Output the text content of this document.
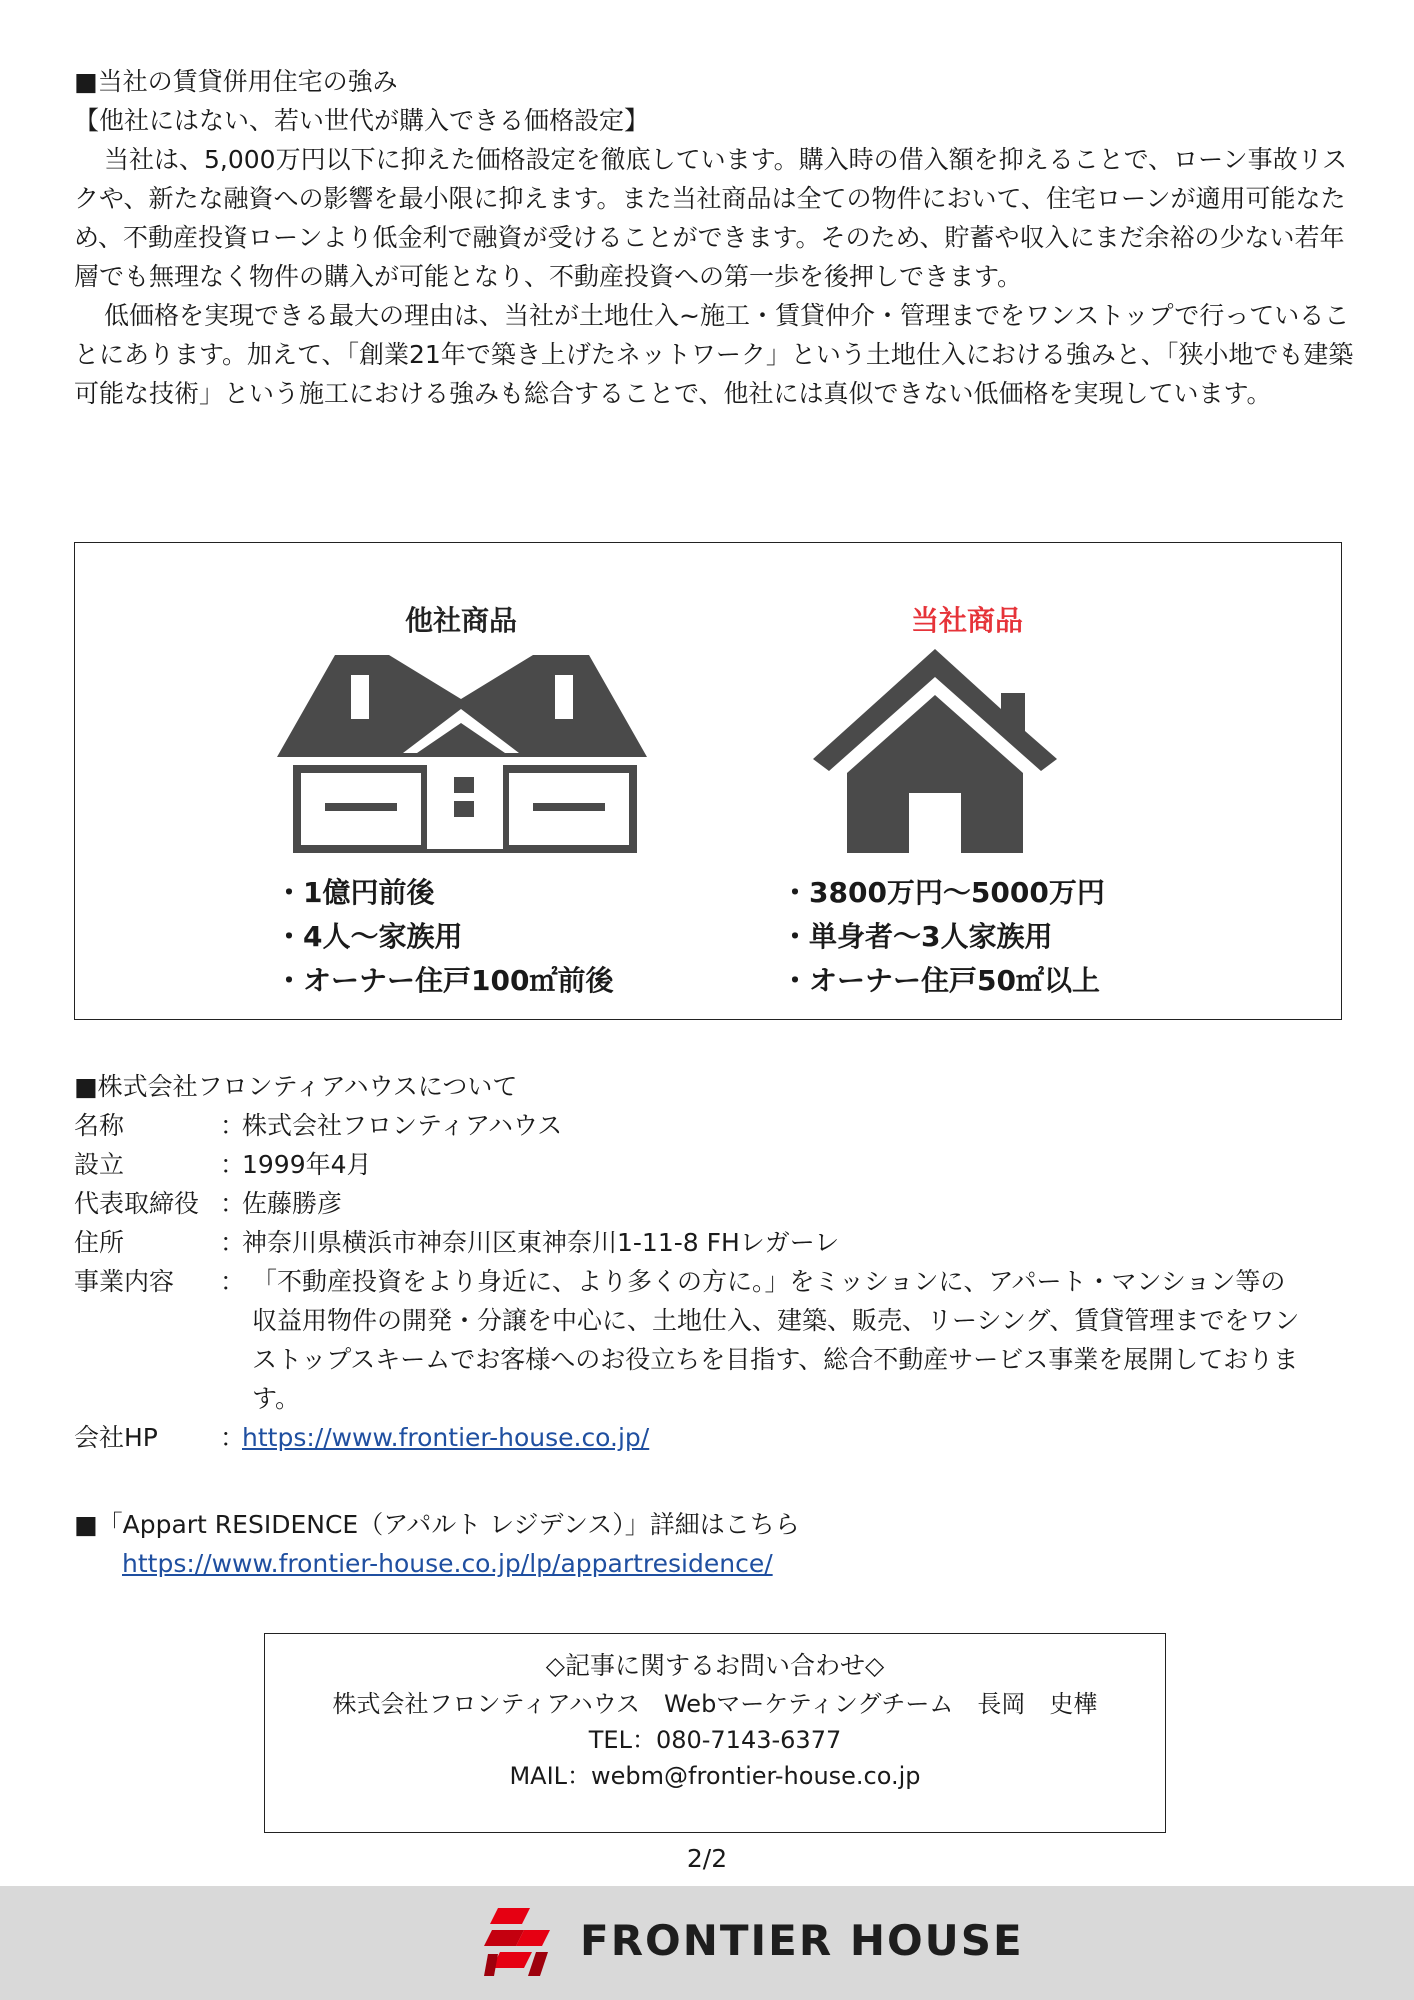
■当社の賃貸併用住宅の強み

【他社にはない、若い世代が購入できる価格設定】

当社は、5,000万円以下に抑えた価格設定を徹底しています。購入時の借入額を抑えることで、ローン事故リスクや、新たな融資への影響を最小限に抑えます。また当社商品は全ての物件において、住宅ローンが適用可能なため、不動産投資ローンより低金利で融資が受けることができます。そのため、貯蓄や収入にまだ余裕の少ない若年層でも無理なく物件の購入が可能となり、不動産投資への第一歩を後押しできます。

低価格を実現できる最大の理由は、当社が土地仕入~施工・賃貸仲介・管理までをワンストップで行っていることにあります。加えて、「創業21年で築き上げたネットワーク」という土地仕入における強みと、「狭小地でも建築可能な技術」という施工における強みも総合することで、他社には真似できない低価格を実現しています。

他社商品	当社商品
・1億円前後
・4人～家族用
・オーナー住戸100㎡前後
・3800万円～5000万円
・単身者～3人家族用
・オーナー住戸50㎡以上

■株式会社フロンティアハウスについて

名称	：
株式会社フロンティアハウス
設立	：
1999年4月
代表取締役 ：
佐藤勝彦
住所	：
神奈川県横浜市神奈川区東神奈川1-11-8 FHレガーレ
事業内容	： 「不動産投資をより身近に、より多くの方に。」をミッションに、アパート・マンション等の収益用物件の開発・分譲を中心に、土地仕入、建築、販売、リーシング、賃貸管理までをワンストップスキームでお客様へのお役立ちを目指す、総合不動産サービス事業を展開しております。
会社HP	：
https://www.frontier-house.co.jp/
■「Appart RESIDENCE（アパルト レジデンス）」詳細はこちら
https://www.frontier-house.co.jp/lp/appartresidence/
◇記事に関するお問い合わせ◇
株式会社フロンティアハウス　Webマーケティングチーム　長岡　史樺
TEL：080-7143-6377
MAIL：webm@frontier-house.co.jp
2/2
FRONTIER HOUSE
